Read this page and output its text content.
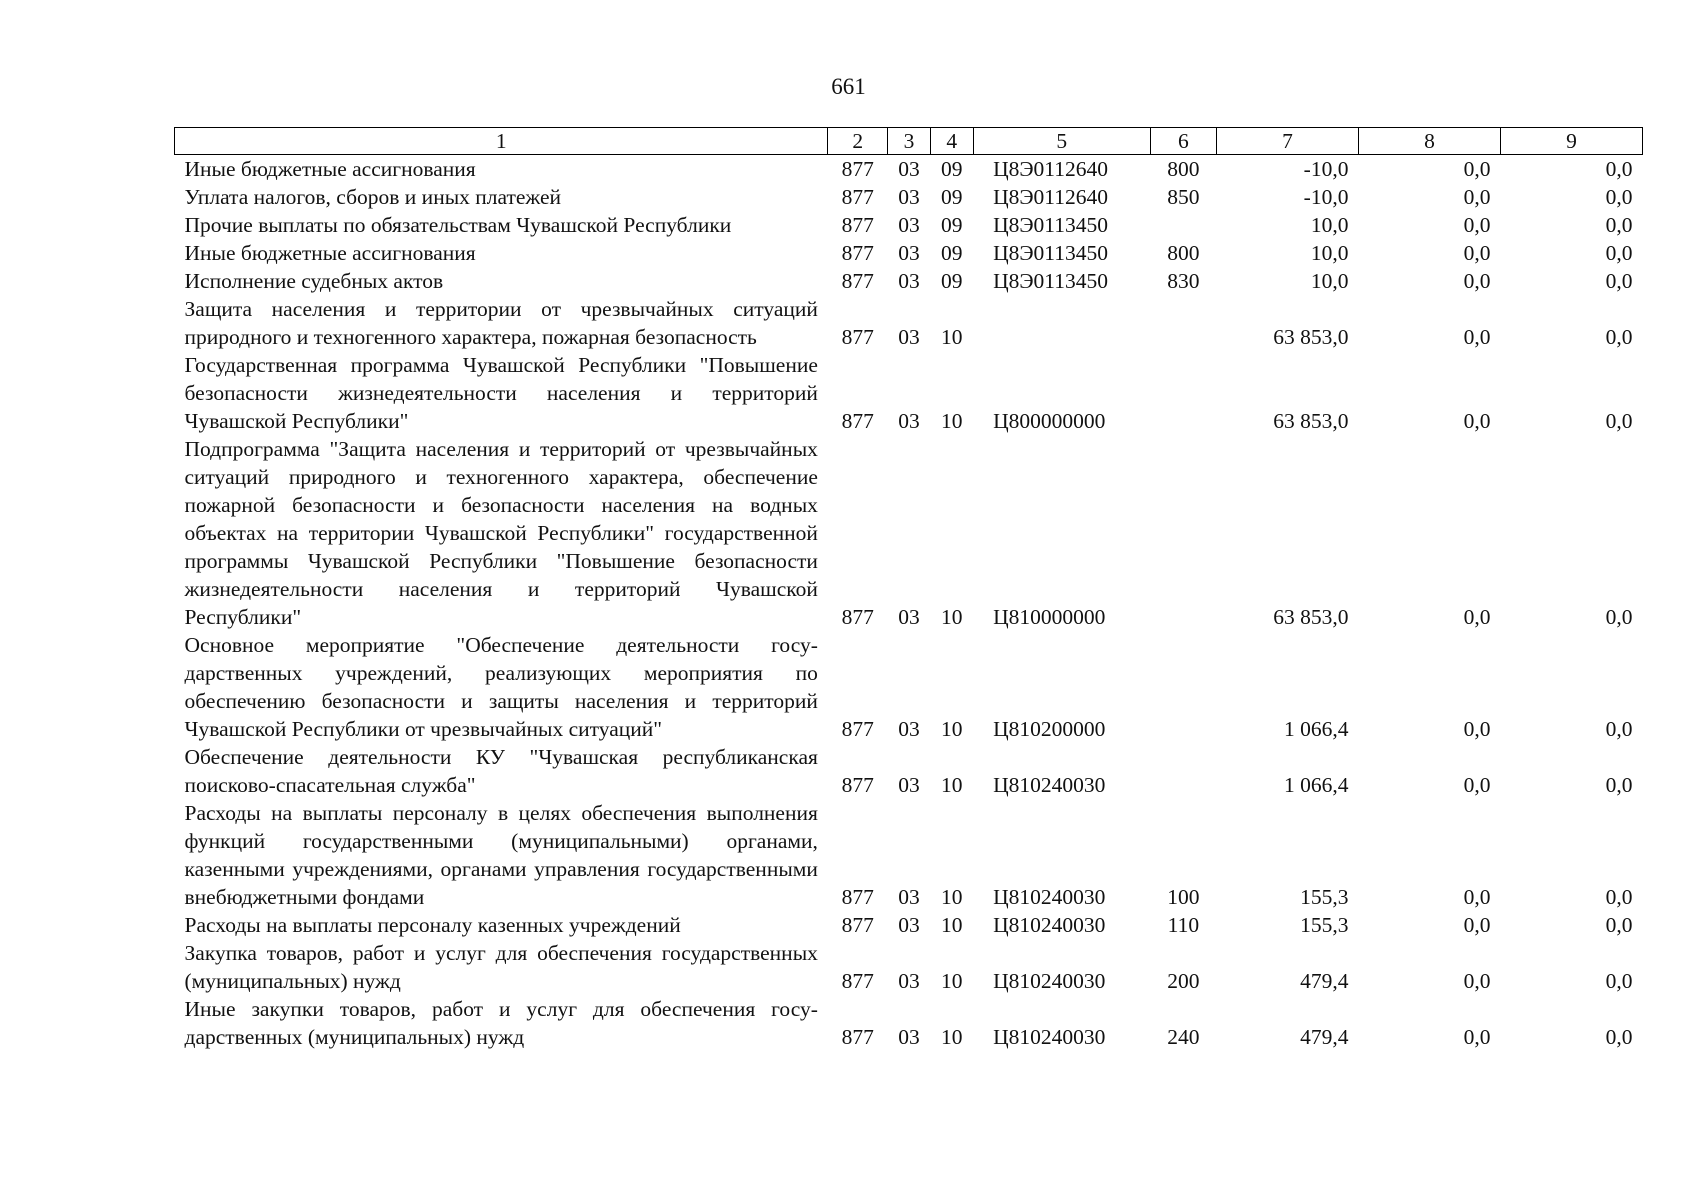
661
1	2	3	4	5	6	7	8	9
Иные бюджетные ассигнования	877	03	09	Ц8Э0112640	800	-10,0	0,0	0,0
Уплата налогов, сборов и иных платежей	877	03	09	Ц8Э0112640	850	-10,0	0,0	0,0
Прочие выплаты по обязательствам Чувашской Республики	877	03	09	Ц8Э0113450		10,0	0,0	0,0
Иные бюджетные ассигнования	877	03	09	Ц8Э0113450	800	10,0	0,0	0,0
Исполнение судебных актов	877	03	09	Ц8Э0113450	830	10,0	0,0	0,0
Защита населения и территории от чрезвычайных ситуаций природного и техногенного характера, пожарная безопасность	877	03	10			63 853,0	0,0	0,0
Государственная программа Чувашской Республики "Повышение безопасности жизнедеятельности населения и территорий Чувашской Республики"	877	03	10	Ц800000000		63 853,0	0,0	0,0
Подпрограмма "Защита населения и территорий от чрезвычайных ситуаций природного и техногенного характера, обеспечение пожарной безопасности и безопасности населения на водных объектах на территории Чувашской Республики" государственной программы Чувашской Республики "Повышение безопасности жизнедеятельности населения и территорий Чувашской Республики"	877	03	10	Ц810000000		63 853,0	0,0	0,0
Основное мероприятие "Обеспечение деятельности государственных учреждений, реализующих мероприятия по обеспечению безопасности и защиты населения и территорий Чувашской Республики от чрезвычайных ситуаций"	877	03	10	Ц810200000		1 066,4	0,0	0,0
Обеспечение деятельности КУ "Чувашская республиканская поисково-спасательная служба"	877	03	10	Ц810240030		1 066,4	0,0	0,0
Расходы на выплаты персоналу в целях обеспечения выполнения функций государственными (муниципальными) органами, казенными учреждениями, органами управления государственными внебюджетными фондами	877	03	10	Ц810240030	100	155,3	0,0	0,0
Расходы на выплаты персоналу казенных учреждений	877	03	10	Ц810240030	110	155,3	0,0	0,0
Закупка товаров, работ и услуг для обеспечения государственных (муниципальных) нужд	877	03	10	Ц810240030	200	479,4	0,0	0,0
Иные закупки товаров, работ и услуг для обеспечения государственных (муниципальных) нужд	877	03	10	Ц810240030	240	479,4	0,0	0,0
